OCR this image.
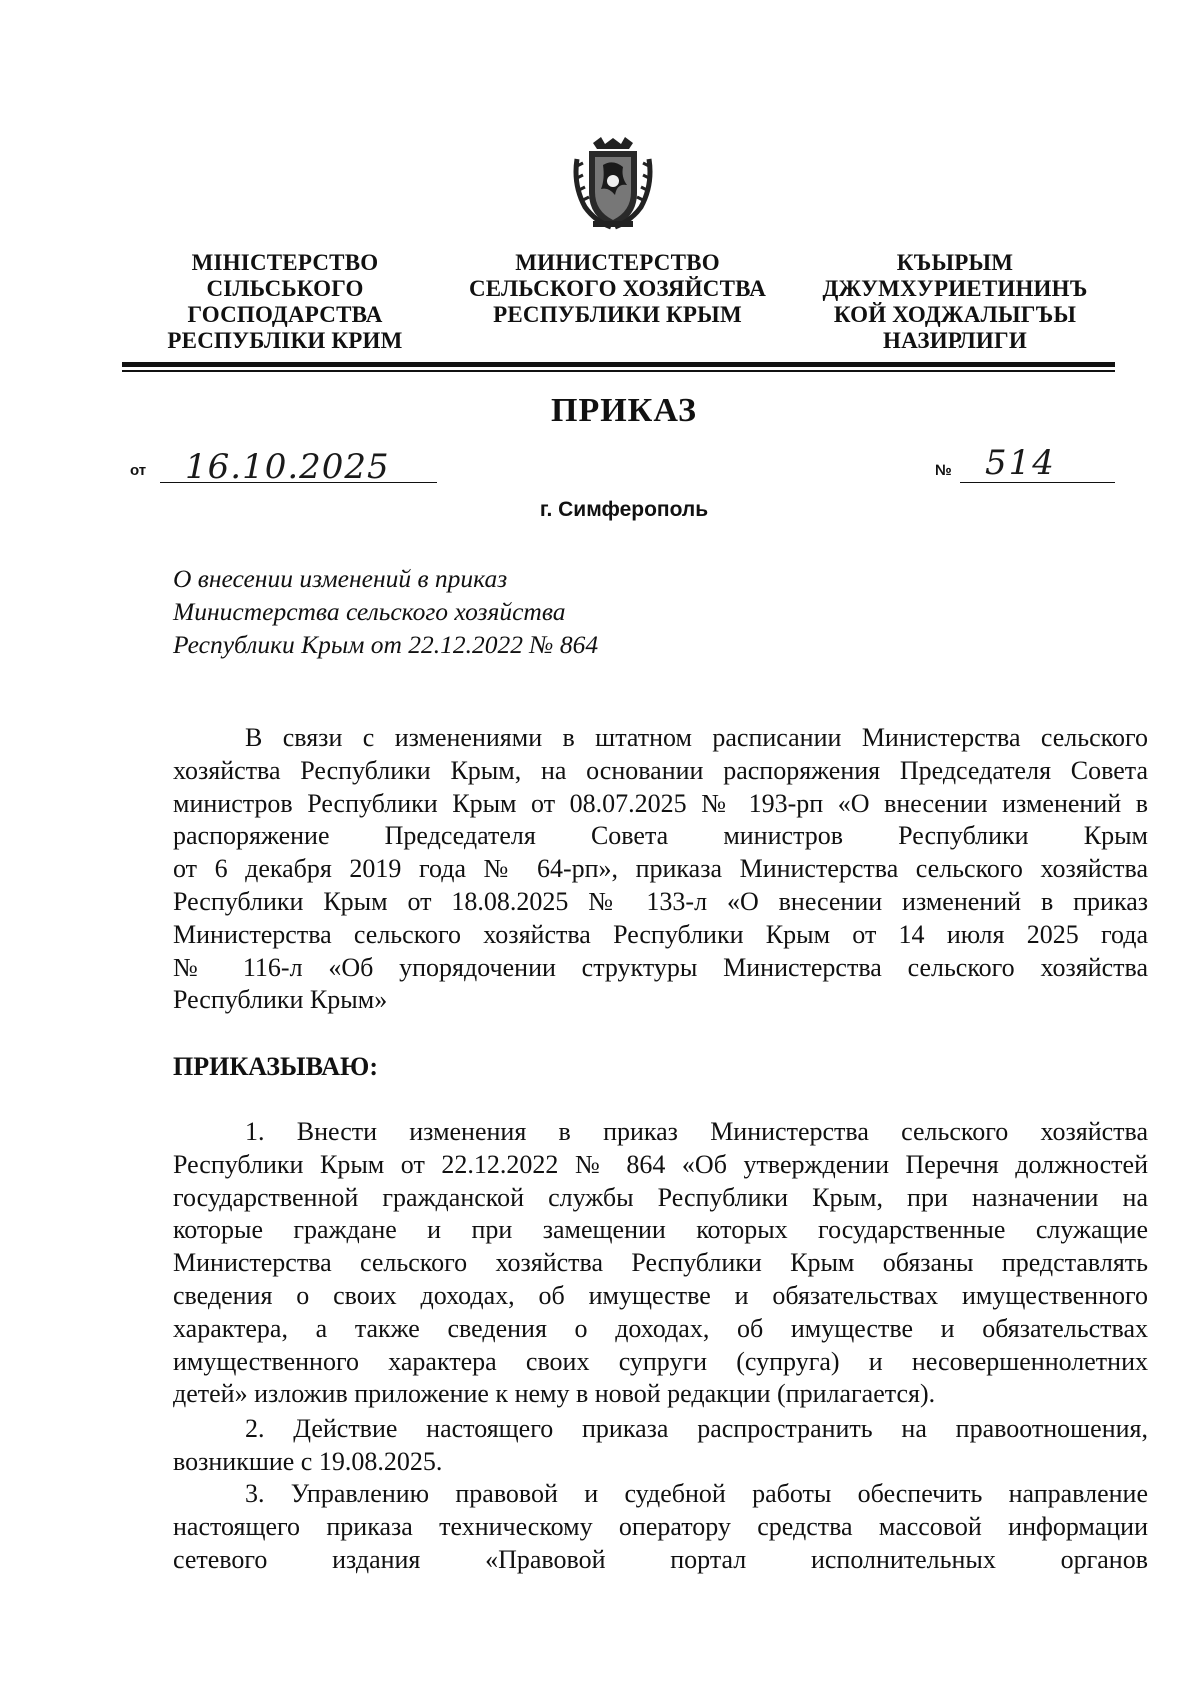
МІНІСТЕРСТВО
СІЛЬСЬКОГО
ГОСПОДАРСТВА
РЕСПУБЛІКИ КРИМ
МИНИСТЕРСТВО
СЕЛЬСКОГО ХОЗЯЙСТВА
РЕСПУБЛИКИ КРЫМ
КЪЫРЫМ
ДЖУМХУРИЕТИНИНЪ
КОЙ ХОДЖАЛЫГЪЫ
НАЗИРЛИГИ
ПРИКАЗ
от 16.10.2025	№ 514
г. Симферополь
О внесении изменений в приказ
Министерства сельского хозяйства
Республики Крым от 22.12.2022 № 864
В связи с изменениями в штатном расписании Министерства сельского
хозяйства Республики Крым, на основании распоряжения Председателя Совета
министров Республики Крым от 08.07.2025 № 193-рп «О внесении изменений в
распоряжение Председателя Совета министров Республики Крым
от 6 декабря 2019 года № 64-рп», приказа Министерства сельского хозяйства
Республики Крым от 18.08.2025 № 133-л «О внесении изменений в приказ
Министерства сельского хозяйства Республики Крым от 14 июля 2025 года
№ 116-л «Об упорядочении структуры Министерства сельского хозяйства
Республики Крым»
ПРИКАЗЫВАЮ:
1. Внести изменения в приказ Министерства сельского хозяйства
Республики Крым от 22.12.2022 № 864 «Об утверждении Перечня должностей
государственной гражданской службы Республики Крым, при назначении на
которые граждане и при замещении которых государственные служащие
Министерства сельского хозяйства Республики Крым обязаны представлять
сведения о своих доходах, об имуществе и обязательствах имущественного
характера, а также сведения о доходах, об имуществе и обязательствах
имущественного характера своих супруги (супруга) и несовершеннолетних
детей» изложив приложение к нему в новой редакции (прилагается).
2. Действие настоящего приказа распространить на правоотношения,
возникшие с 19.08.2025.
3. Управлению правовой и судебной работы обеспечить направление
настоящего приказа техническому оператору средства массовой информации
сетевого издания «Правовой портал исполнительных органов
